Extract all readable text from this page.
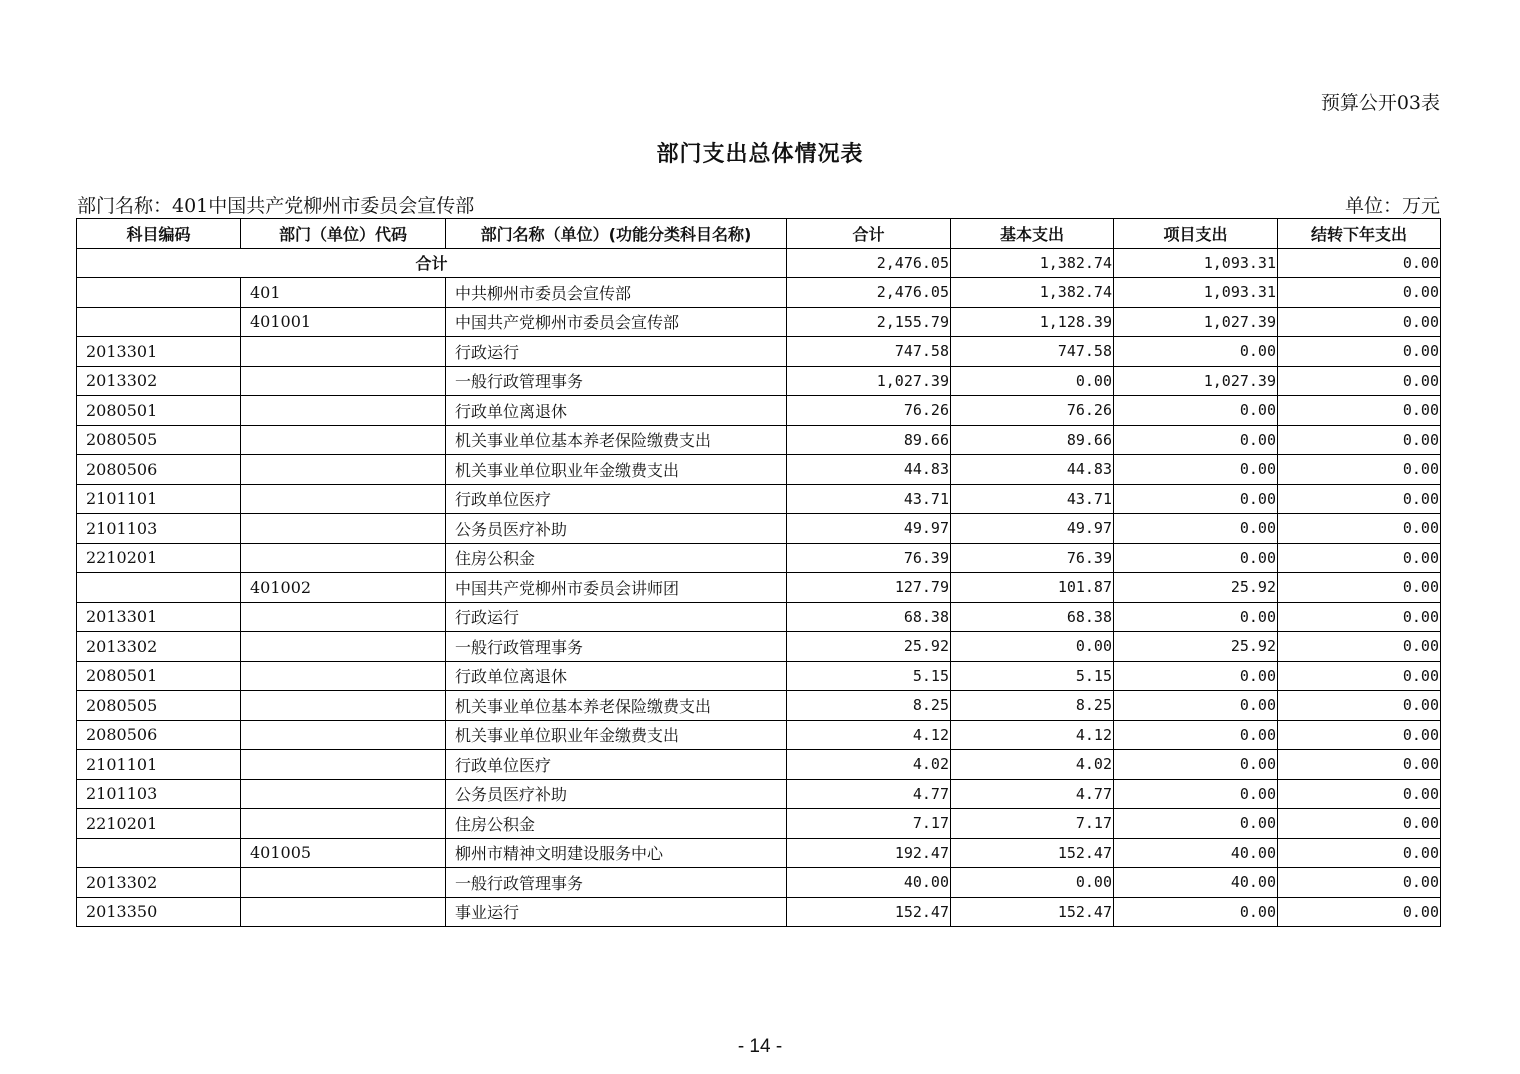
预算公开03表
部门支出总体情况表
部门名称：401中国共产党柳州市委员会宣传部	单位：万元
科目编码	部门（单位）代码	部门名称（单位）(功能分类科目名称)	合计	基本支出	项目支出	结转下年支出
合计			2,476.05	1,382.74	1,093.31	0.00
	401	中共柳州市委员会宣传部	2,476.05	1,382.74	1,093.31	0.00
	401001	中国共产党柳州市委员会宣传部	2,155.79	1,128.39	1,027.39	0.00
2013301		行政运行	747.58	747.58	0.00	0.00
2013302		一般行政管理事务	1,027.39	0.00	1,027.39	0.00
2080501		行政单位离退休	76.26	76.26	0.00	0.00
2080505		机关事业单位基本养老保险缴费支出	89.66	89.66	0.00	0.00
2080506		机关事业单位职业年金缴费支出	44.83	44.83	0.00	0.00
2101101		行政单位医疗	43.71	43.71	0.00	0.00
2101103		公务员医疗补助	49.97	49.97	0.00	0.00
2210201		住房公积金	76.39	76.39	0.00	0.00
	401002	中国共产党柳州市委员会讲师团	127.79	101.87	25.92	0.00
2013301		行政运行	68.38	68.38	0.00	0.00
2013302		一般行政管理事务	25.92	0.00	25.92	0.00
2080501		行政单位离退休	5.15	5.15	0.00	0.00
2080505		机关事业单位基本养老保险缴费支出	8.25	8.25	0.00	0.00
2080506		机关事业单位职业年金缴费支出	4.12	4.12	0.00	0.00
2101101		行政单位医疗	4.02	4.02	0.00	0.00
2101103		公务员医疗补助	4.77	4.77	0.00	0.00
2210201		住房公积金	7.17	7.17	0.00	0.00
	401005	柳州市精神文明建设服务中心	192.47	152.47	40.00	0.00
2013302		一般行政管理事务	40.00	0.00	40.00	0.00
2013350		事业运行	152.47	152.47	0.00	0.00
- 14 -
